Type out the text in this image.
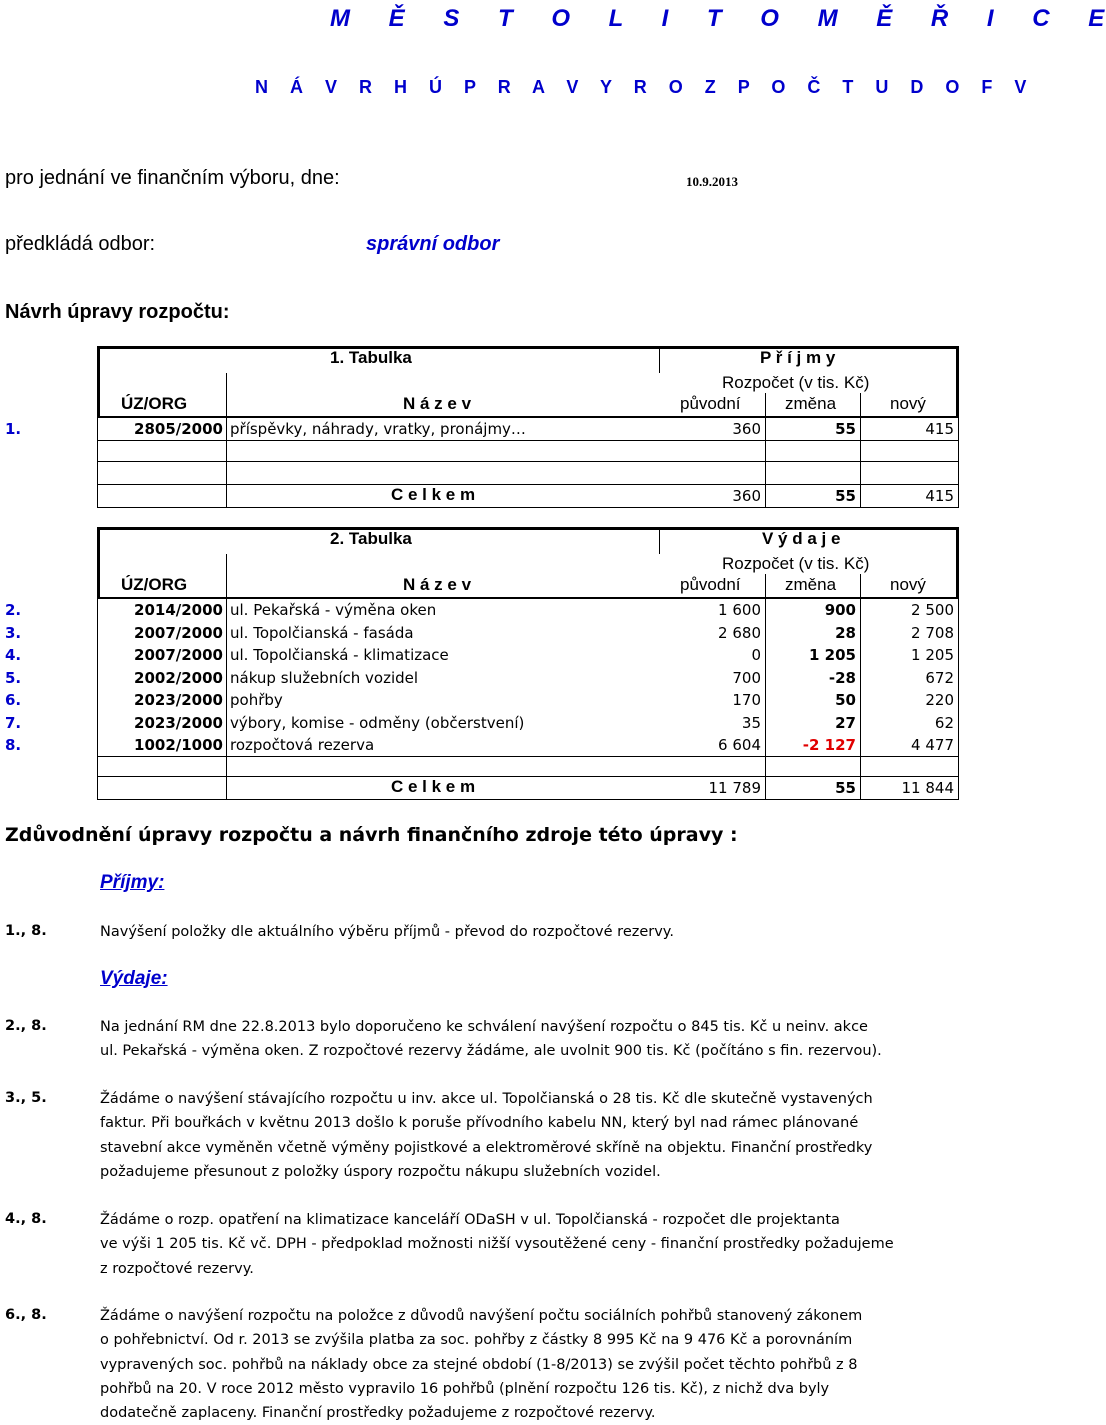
M Ě S T O L I T O M Ě Ř I C E
N Á V R H Ú P R A V Y R O Z P O Č T U D O F V
pro jednání ve finančním výboru, dne:	10.9.2013
předkládá odbor:	správní odbor
Návrh úpravy rozpočtu:
1. Tabulka	P ř í j m y
Rozpočet (v tis. Kč)
ÚZ/ORG	N á z e v	původní	změna	nový
1.	2805/2000 příspěvky, náhrady, vratky, pronájmy…	360	55	415
C e l k e m	360	55	415
2. Tabulka	V ý d a j e
Rozpočet (v tis. Kč)
ÚZ/ORG	N á z e v	původní	změna	nový
2.	2014/2000 ul. Pekařská - výměna oken	1 600	900	2 500
3.	2007/2000 ul. Topolčianská - fasáda	2 680	28	2 708
4.	2007/2000 ul. Topolčianská - klimatizace	0	1 205	1 205
5.	2002/2000 nákup služebních vozidel	700	-28	672
6.	2023/2000 pohřby	170	50	220
7.	2023/2000 výbory, komise - odměny (občerstvení)	35	27	62
8.	1002/1000 rozpočtová rezerva	6 604	-2 127	4 477
C e l k e m	11 789	55	11 844
Zdůvodnění úpravy rozpočtu a návrh finančního zdroje této úpravy :
Příjmy:
1., 8.	Navýšení položky dle aktuálního výběru příjmů - převod do rozpočtové rezervy.
Výdaje:
2., 8.	Na jednání RM dne 22.8.2013 bylo doporučeno ke schválení navýšení rozpočtu o 845 tis. Kč u neinv. akce
ul. Pekařská - výměna oken. Z rozpočtové rezervy žádáme, ale uvolnit 900 tis. Kč (počítáno s fin. rezervou).
3., 5.	Žádáme o navýšení stávajícího rozpočtu u inv. akce ul. Topolčianská o 28 tis. Kč dle skutečně vystavených
faktur. Při bouřkách v květnu 2013 došlo k poruše přívodního kabelu NN, který byl nad rámec plánované
stavební akce vyměněn včetně výměny pojistkové a elektroměrové skříně na objektu. Finanční prostředky
požadujeme přesunout z položky úspory rozpočtu nákupu služebních vozidel.
4., 8.	Žádáme o rozp. opatření na klimatizace kanceláří ODaSH v ul. Topolčianská - rozpočet dle projektanta
ve výši 1 205 tis. Kč vč. DPH - předpoklad možnosti nižší vysoutěžené ceny - finanční prostředky požadujeme
z rozpočtové rezervy.
6., 8.	Žádáme o navýšení rozpočtu na položce z důvodů navýšení počtu sociálních pohřbů stanovený zákonem
o pohřebnictví. Od r. 2013 se zvýšila platba za soc. pohřby z částky 8 995 Kč na 9 476 Kč a porovnáním
vypravených soc. pohřbů na náklady obce za stejné období (1-8/2013) se zvýšil počet těchto pohřbů z 8
pohřbů na 20. V roce 2012 město vypravilo 16 pohřbů (plnění rozpočtu 126 tis. Kč), z nichž dva byly
dodatečně zaplaceny. Finanční prostředky požadujeme z rozpočtové rezervy.
